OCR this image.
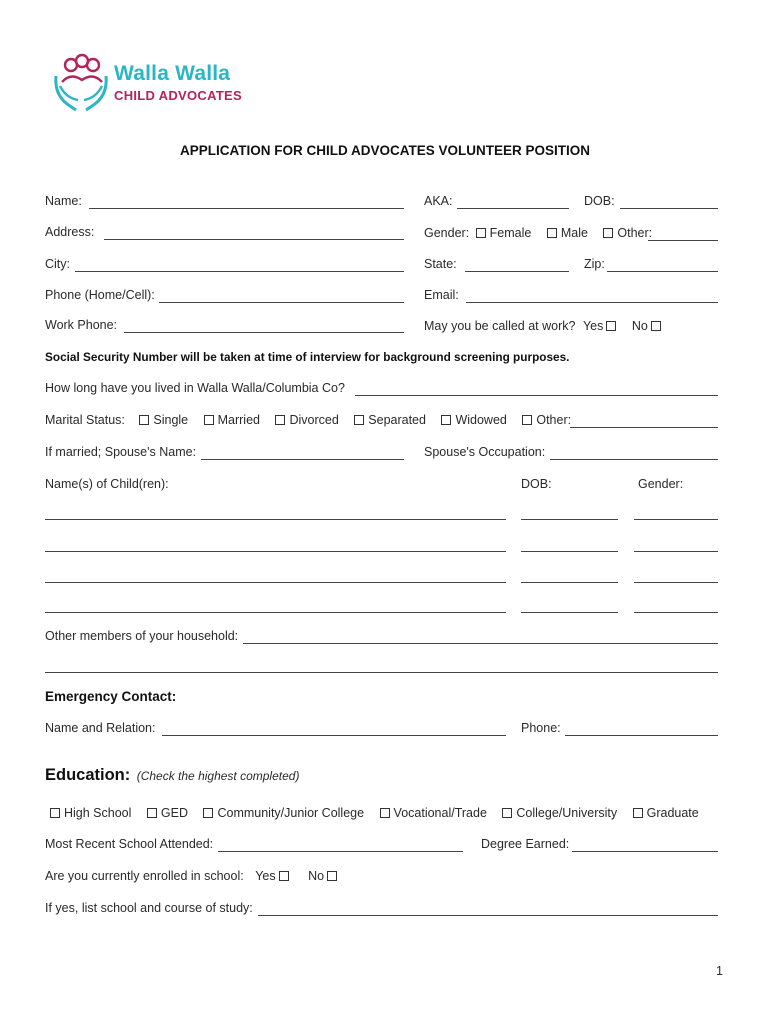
Walla Walla
CHILD ADVOCATES
APPLICATION FOR CHILD ADVOCATES VOLUNTEER POSITION
Name:	AKA:	DOB:
Address:	Gender: Female Male Other:
City:	State:	Zip:
Phone (Home/Cell):	Email:
Work Phone:	May you be called at work? Yes No
Social Security Number will be taken at time of interview for background screening purposes.
How long have you lived in Walla Walla/Columbia Co?
Marital Status: Single Married Divorced Separated Widowed Other:
If married; Spouse's Name:	Spouse's Occupation:
Name(s) of Child(ren):	DOB:	Gender:
Other members of your household:
Emergency Contact:
Name and Relation:	Phone:
Education: (Check the highest completed)
High School GED Community/Junior College Vocational/Trade College/University Graduate
Most Recent School Attended:	Degree Earned:
Are you currently enrolled in school: Yes	No
If yes, list school and course of study:
1
